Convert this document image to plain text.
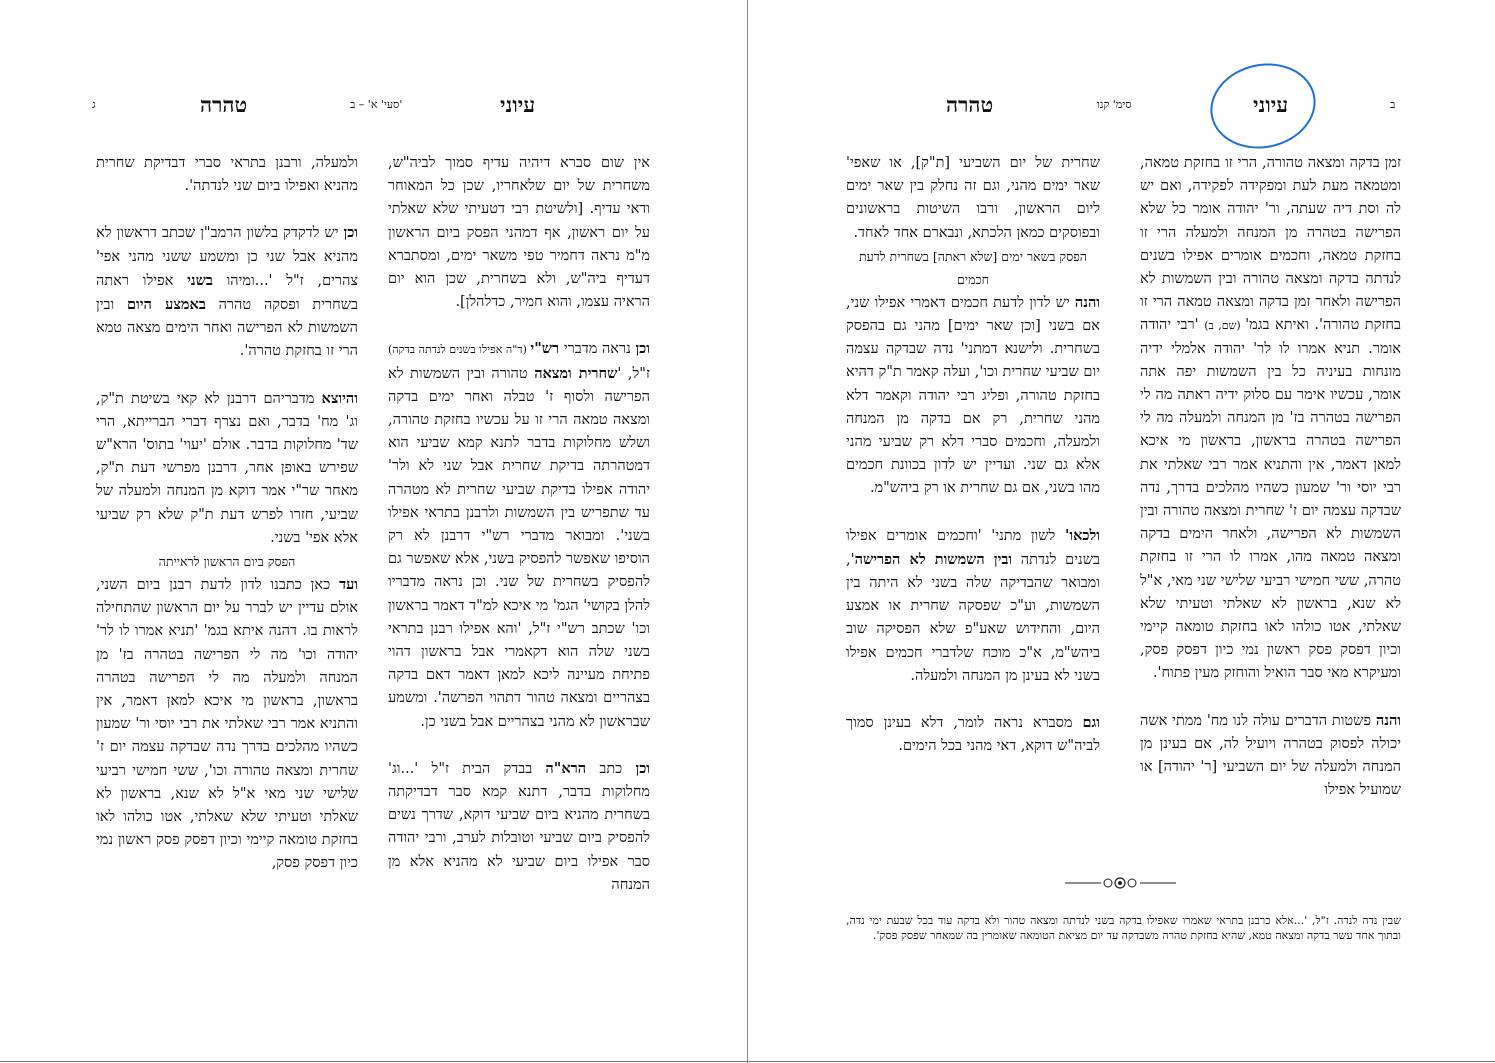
ג	טהרה	סעי' א' – ב'	עיוני

אין שום סברא דיהיה עדיף סמוך לביה"ש, משחרית של יום שלאחריו, שכן כל המאוחר ודאי עדיף. [ולשיטת רבי דטעיתי שלא שאלתי על יום ראשון, אף דמהני הפסק ביום הראשון מ"מ נראה דחמיר טפי משאר ימים, ומסתברא דעדיף ביה"ש, ולא בשחרית, שכן הוא יום הראיה עצמו, והוא חמיר, כדלהלן].

וכן נראה מדברי רש"י (ד"ה אפילו בשנים לנדתה בדקה) ז"ל, 'שחרית ומצאה טהורה ובין השמשות לא הפרישה ולסוף ז' טבלה ואחר ימים בדקה ומצאה טמאה הרי זו על עכשיו בחזקת טהורה, ושלש מחלוקות בדבר לתנא קמא שביעי הוא דמטהרתה בדיקת שחרית אבל שני לא ולר' יהודה אפילו בדיקת שביעי שחרית לא מטהרה עד שתפריש בין השמשות ולרבנן בתראי אפילו בשני'. ומבואר מדברי רש"י דרבנן לא רק הוסיפו שאפשר להפסיק בשני, אלא שאפשר גם להפסיק בשחרית של שני. וכן נראה מדבריו להלן בקושי' הגמ' מי איכא למ"ד דאמר בראשון וכו' שכתב רש"י ז"ל, 'והא אפילו רבנן בתראי בשני שלה הוא דקאמרי אבל בראשון דהוי פתיחת מעיינה ליכא למאן דאמר דאם בדקה בצהריים ומצאה טהור דתהוי הפרשה'. ומשמע שבראשון לא מהני בצהריים אבל בשני כן.

וכן כתב הרא"ה בבדק הבית ז"ל '...וג' מחלוקות בדבר, דתנא קמא סבר דבדיקתה בשחרית מהניא ביום שביעי דוקא, שדרך נשים להפסיק ביום שביעי וטובלות לערב, ורבי יהודה סבר אפילו ביום שביעי לא מהניא אלא מן המנחה

ולמעלה, ורבנן בתראי סברי דבדיקת שחרית מהניא ואפילו ביום שני לנדתה'.

וכן יש לדקדק בלשון הרמב"ן שכתב דראשון לא מהניא אבל שני כן ומשמע ששני מהני אפי' צהרים, ז"ל '...ומיהו בשני אפילו ראתה בשחרית ופסקה טהרה באמצע היום ובין השמשות לא הפרישה ואחר הימים מצאה טמא הרי זו בחזקת טהרה'.

והיוצא מדבריהם דרבנן לא קאי בשיטת ת"ק, וג' מח' בדבר, ואם נצרף דברי הברייתא, הרי שד' מחלוקות בדבר. אולם 'יעוי' בתוס' הרא"ש שפירש באופן אחר, דרבנן מפרשי דעת ת"ק, מאחר שר"י אמר דוקא מן המנחה ולמעלה של שביעי, חזרו לפרש דעת ת"ק שלא רק שביעי אלא אפי' בשני.

הפסק ביום הראשון לראייתה

ועד כאן כתבנו לדון לדעת רבנן ביום השני, אולם עדיין יש לברר על יום הראשון שהתחילה לראות בו. דהנה איתא בגמ' 'תניא אמרו לו לר' יהודה וכו' מה לי הפרישה בטהרה בז' מן המנחה ולמעלה מה לי הפרישה בטהרה בראשון, בראשון מי איכא למאן דאמר, אין והתניא אמר רבי שאלתי את רבי יוסי ור' שמעון כשהיו מהלכים בדרך נדה שבדקה עצמה יום ז' שחרית ומצאה טהורה וכו', ששי חמישי רביעי שלישי שני מאי א"ל לא שנא, בראשון לא שאלתי וטעיתי שלא שאלתי, אטו כולהו לאו בחזקת טומאה קיימי וכיון דפסק פסק ראשון נמי כיון דפסק פסק,

עיוני
סימ' קנו
טהרה	ב

זמן בדקה ומצאה טהורה, הרי זו בחזקת טמאה, ומטמאה מעת לעת ומפקידה לפקידה, ואם יש לה וסת דיה שעתה, ור' יהודה אומר כל שלא הפרישה בטהרה מן המנחה ולמעלה הרי זו בחזקת טמאה, וחכמים אומרים אפילו בשנים לנדתה בדקה ומצאה טהורה ובין השמשות לא הפרישה ולאחר זמן בדקה ומצאה טמאה הרי זו בחזקת טהורה'. ואיתא בגמ' (שם, ב) 'רבי יהודה אומר. תניא אמרו לו לר' יהודה אלמלי ידיה מונחות בעיניה כל בין השמשות יפה אתה אומר, עכשיו אימר עם סלוק ידיה ראתה מה לי הפרישה בטהרה בז' מן המנחה ולמעלה מה לי הפרישה בטהרה בראשון, בראשון מי איכא למאן דאמר, אין והתניא אמר רבי שאלתי את רבי יוסי ור' שמעון כשהיו מהלכים בדרך, נדה שבדקה עצמה יום ז' שחרית ומצאה טהורה ובין השמשות לא הפרישה, ולאחר הימים בדקה ומצאה טמאה מהו, אמרו לו הרי זו בחזקת טהרה, ששי חמישי רביעי שלישי שני מאי, א"ל לא שנא, בראשון לא שאלתי וטעיתי שלא שאלתי, אטו כולהו לאו בחזקת טומאה קיימי וכיון דפסק פסק ראשון נמי כיון דפסק פסק, ומעיקרא מאי סבר הואיל והוחזק מעין פתוח'.

והנה פשטות הדברים עולה לנו מח' ממתי אשה יכולה לפסוק בטהרה ויועיל לה, אם בעינן מן המנחה ולמעלה של יום השביעי [ר' יהודה] או שמועיל אפילו

שחרית של יום השביעי [ת"ק], או שאפי' שאר ימים מהני, וגם זה נחלק בין שאר ימים ליום הראשון, ורבו השיטות בראשונים ובפוסקים כמאן הלכתא, ונבארם אחד לאחד.

הפסק בשאר ימים [שלא ראתה] בשחרית לדעת חכמים

והנה יש לדון לדעת חכמים דאמרי אפילו שני, אם בשני [וכן שאר ימים] מהני גם בהפסק בשחרית. ולישנא דמתני' נדה שבדקה עצמה יום שביעי שחרית וכו', ועלה קאמר ת"ק דהיא בחזקת טהורה, ופליג רבי יהודה וקאמר דלא מהני שחרית, רק אם בדקה מן המנחה ולמעלה, וחכמים סברי דלא רק שביעי מהני אלא גם שני. ועדיין יש לדון בכוונת חכמים מהו בשני, אם גם שחרית או רק ביהש"מ.

ולכאו' לשון מתני' 'וחכמים אומרים אפילו בשנים לנדתה ובין השמשות לא הפרישה', ומבואר שהבדיקה שלה בשני לא היתה בין השמשות, וע"כ שפסקה שחרית או אמצע היום, והחידוש שאע"פ שלא הפסיקה שוב ביהש"מ, א"כ מוכח שלדברי חכמים אפילו בשני לא בעינן מן המנחה ולמעלה.

וגם מסברא נראה לומר, דלא בעינן סמוך לביה"ש דוקא, דאי מהני בכל הימים.

שבין נדה לנדה. ז"ל, '...אלא כרבנן בתראי שאמרו שאפילו בדקה בשני לנדתה ומצאה טהור ולא בדקה עוד בכל שבעת ימי נדה, ובתוך אחד עשר בדקה ומצאה טמא, שהיא בחזקת טהרה משבדקה עד יום מציאת הטומאה שאומרין בה שמאחר שפסק פסק'.
